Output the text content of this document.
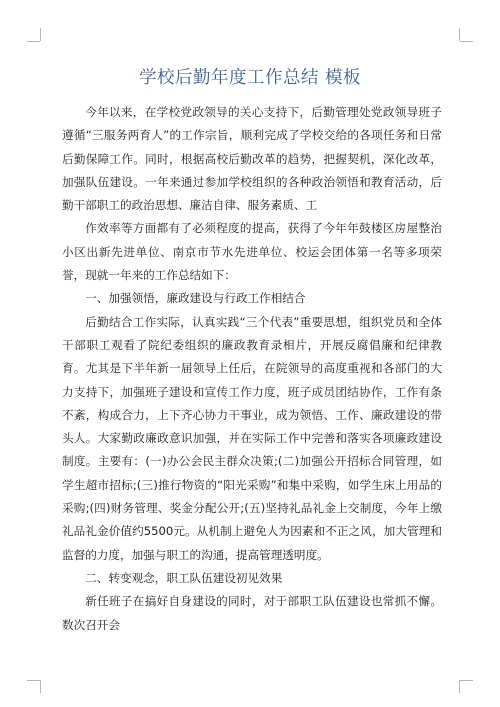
学校后勤年度工作总结 模板

今年以来，在学校党政领导的关心支持下，后勤管理处党政领导班子遵循“三服务两育人”的工作宗旨，顺利完成了学校交给的各项任务和日常后勤保障工作。同时，根据高校后勤改革的趋势，把握契机，深化改革，加强队伍建设。一年来通过参加学校组织的各种政治领悟和教育活动，后勤干部职工的政治思想、廉洁自律、服务素质、工

作效率等方面都有了必须程度的提高，获得了今年年鼓楼区房屋整治小区出新先进单位、南京市节水先进单位、校运会团体第一名等多项荣誉，现就一年来的工作总结如下：

一、加强领悟，廉政建设与行政工作相结合

后勤结合工作实际，认真实践“三个代表”重要思想，组织党员和全体干部职工观看了院纪委组织的廉政教育录相片，开展反腐倡廉和纪律教育。尤其是下半年新一届领导上任后，在院领导的高度重视和各部门的大力支持下，加强班子建设和宣传工作力度，班子成员团结协作，工作有条不紊，构成合力，上下齐心协力干事业，成为领悟、工作、廉政建设的带头人。大家勤政廉政意识加强，并在实际工作中完善和落实各项廉政建设制度。主要有：(一)办公会民主群众决策;(二)加强公开招标合同管理，如学生超市招标;(三)推行物资的“阳光采购”和集中采购，如学生床上用品的采购;(四)财务管理、奖金分配公开;(五)坚持礼品礼金上交制度，今年上缴礼品礼金价值约5500元。从机制上避免人为因素和不正之风，加大管理和监督的力度，加强与职工的沟通，提高管理透明度。

二、转变观念，职工队伍建设初见效果

新任班子在搞好自身建设的同时，对于部职工队伍建设也常抓不懈。数次召开会
